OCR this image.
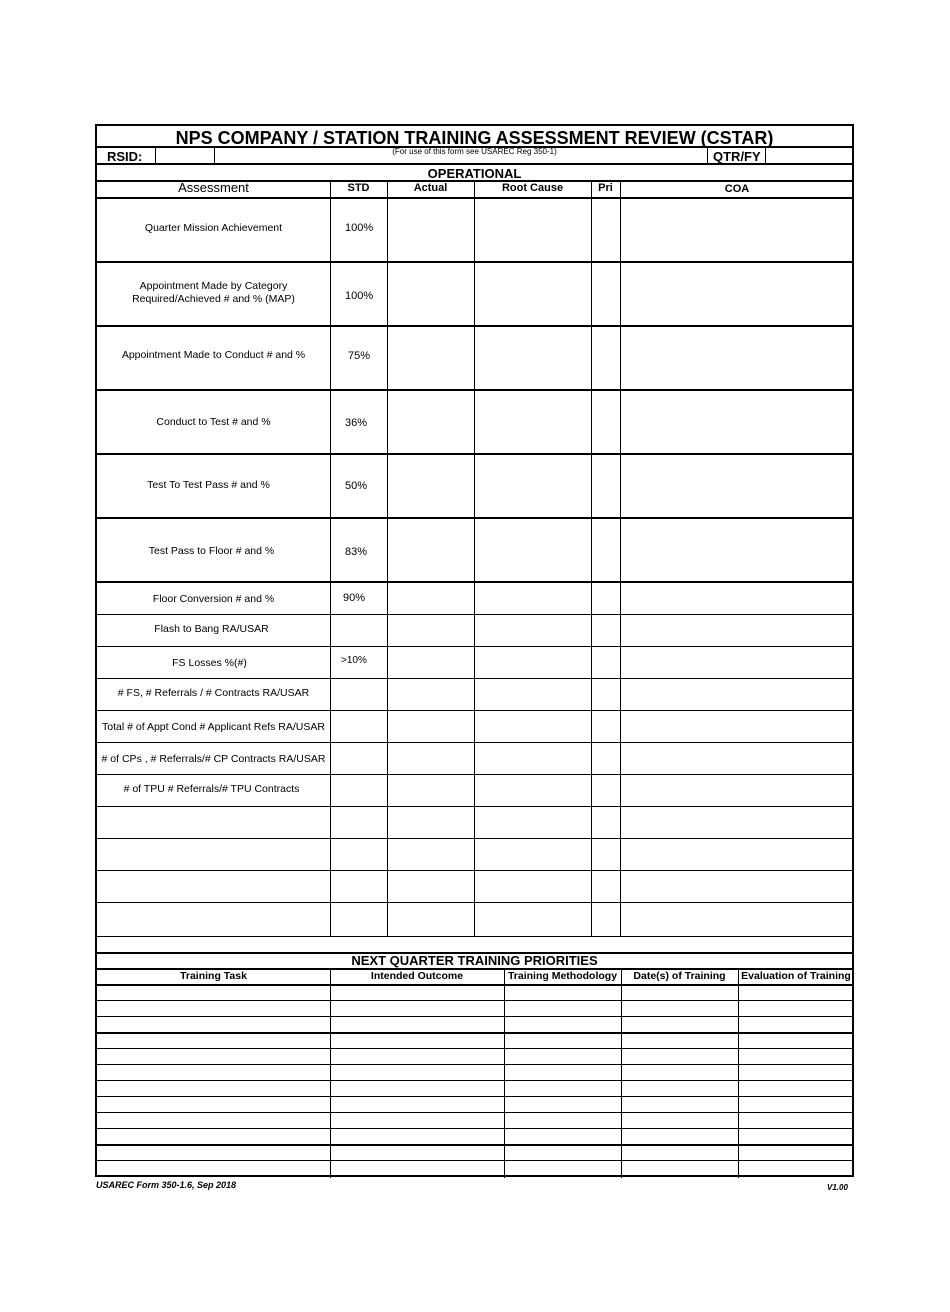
NPS COMPANY / STATION TRAINING ASSESSMENT REVIEW (CSTAR)
RSID:	(For use of this form see USAREC Reg 350-1)	QTR/FY
OPERATIONAL
Assessment	STD	Actual	Root Cause	Pri	COA
Quarter Mission Achievement	100%
Appointment Made by Category
Required/Achieved # and % (MAP)	100%
Appointment Made to Conduct # and %	75%
Conduct to Test # and %	36%
Test To Test Pass # and %	50%
Test Pass to Floor # and %	83%
Floor Conversion # and %	90%
Flash to Bang RA/USAR
FS Losses %(#)	>10%
# FS, # Referrals / # Contracts RA/USAR
Total # of Appt Cond # Applicant Refs RA/USAR
# of CPs , # Referrals/# CP Contracts RA/USAR
# of TPU # Referrals/# TPU Contracts
NEXT QUARTER TRAINING PRIORITIES
Training Task	Intended Outcome	Training Methodology	Date(s) of Training	Evaluation of Training
USAREC Form 350-1.6, Sep 2018	V1.00
